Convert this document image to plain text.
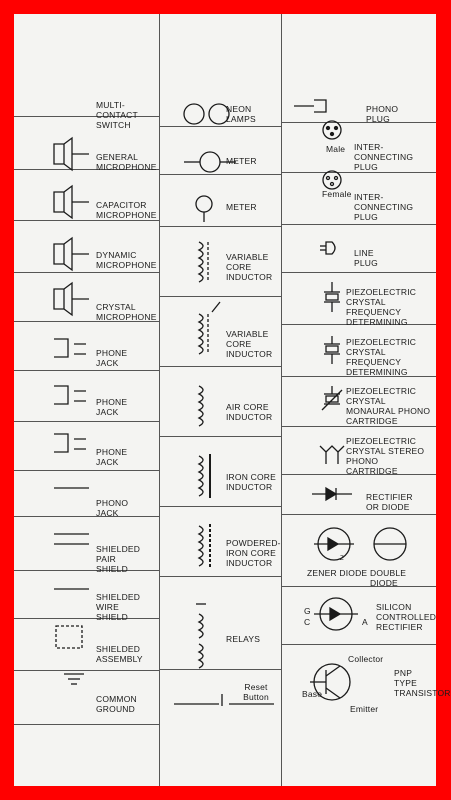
MULTI-CONTACT SWITCH
GENERAL MICROPHONE
CAPACITOR MICROPHONE
DYNAMIC MICROPHONE
CRYSTAL MICROPHONE
PHONE JACK
PHONE JACK
PHONE JACK
PHONO JACK
SHIELDED PAIR SHIELD
SHIELDED WIRE SHIELD
SHIELDED ASSEMBLY
COMMON GROUND
NEON LAMPS
METER
METER
VARIABLE CORE INDUCTOR
VARIABLE CORE INDUCTOR
AIR CORE INDUCTOR
IRON CORE INDUCTOR
POWDERED-IRON CORE INDUCTOR
RELAYS
Reset Button
PHONO PLUG
INTER-CONNECTING PLUG
INTER-CONNECTING PLUG
LINE PLUG
PIEZOELECTRIC CRYSTAL FREQUENCY DETERMINING
PIEZOELECTRIC CRYSTAL FREQUENCY DETERMINING
PIEZOELECTRIC CRYSTAL MONAURAL PHONO CARTRIDGE
PIEZOELECTRIC CRYSTAL STEREO PHONO CARTRIDGE
RECTIFIER OR DIODE
ZENER DIODE DOUBLE DIODE
SILICON CONTROLLED RECTIFIER
PNP TYPE TRANSISTOR
Female
Male
Collector
Base
Emitter
G
C	A
Z
